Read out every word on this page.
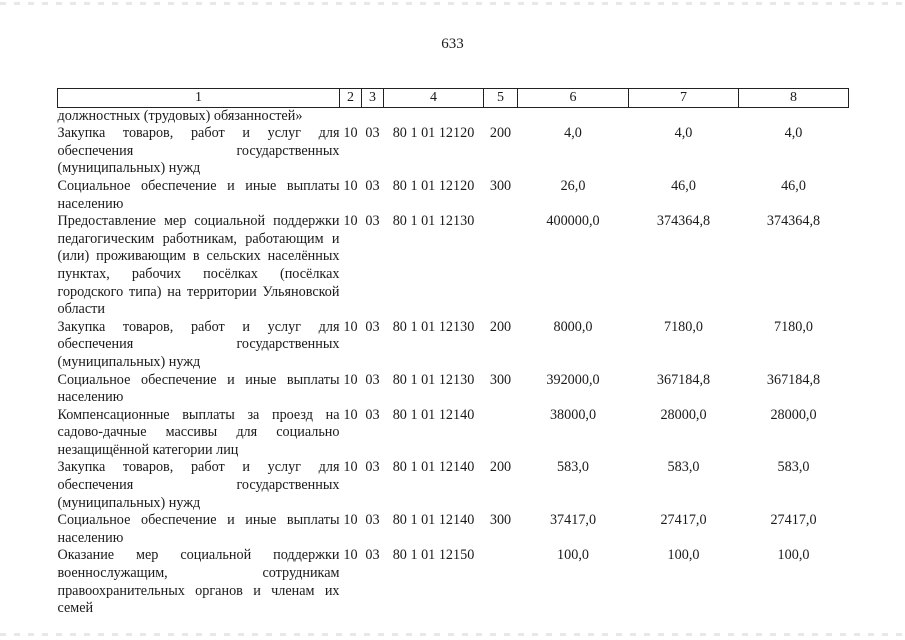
633
1	2	3	4	5	6	7	8
должностных (трудовых) обязанностей»							
Закупка товаров, работ и услуг для обеспечения государственных (муниципальных) нужд	10	03	80 1 01 12120	200	4,0	4,0	4,0
Социальное обеспечение и иные выплаты населению	10	03	80 1 01 12120	300	26,0	46,0	46,0
Предоставление мер социальной поддержки педагогическим работникам, работающим и (или) проживающим в сельских населённых пунктах, рабочих посёлках (посёлках городского типа) на территории Ульяновской области	10	03	80 1 01 12130		400000,0	374364,8	374364,8
Закупка товаров, работ и услуг для обеспечения государственных (муниципальных) нужд	10	03	80 1 01 12130	200	8000,0	7180,0	7180,0
Социальное обеспечение и иные выплаты населению	10	03	80 1 01 12130	300	392000,0	367184,8	367184,8
Компенсационные выплаты за проезд на садово-дачные массивы для социально незащищённой категории лиц	10	03	80 1 01 12140		38000,0	28000,0	28000,0
Закупка товаров, работ и услуг для обеспечения государственных (муниципальных) нужд	10	03	80 1 01 12140	200	583,0	583,0	583,0
Социальное обеспечение и иные выплаты населению	10	03	80 1 01 12140	300	37417,0	27417,0	27417,0
Оказание мер социальной поддержки военнослужащим, сотрудникам правоохранительных органов и членам их семей	10	03	80 1 01 12150		100,0	100,0	100,0
